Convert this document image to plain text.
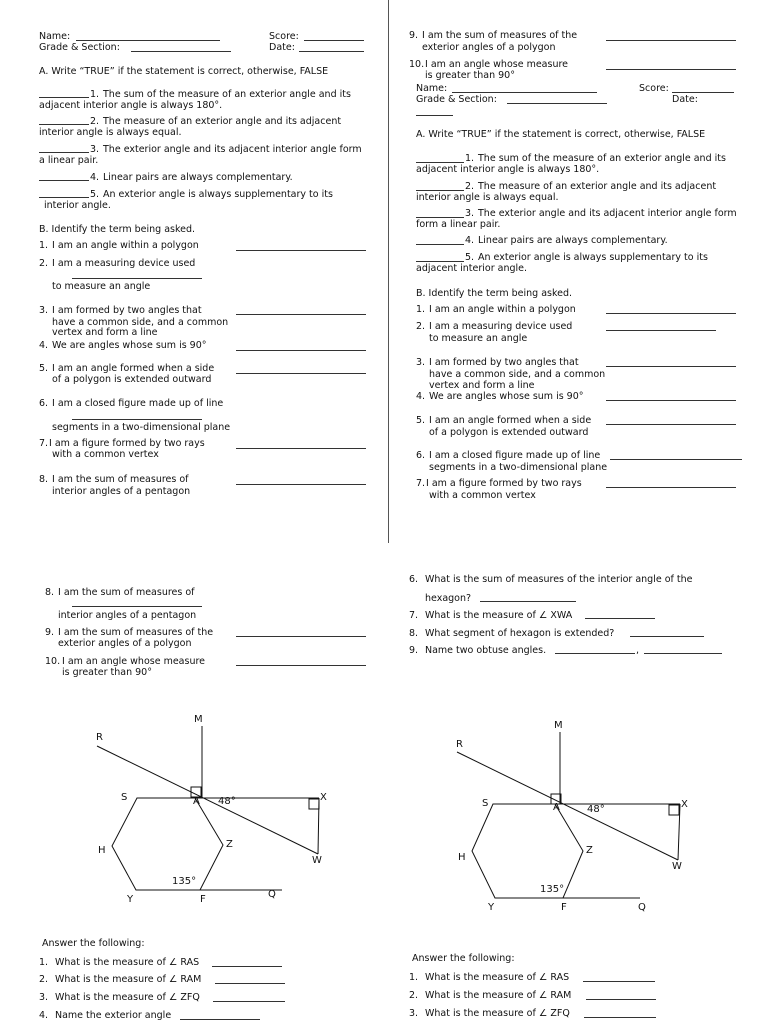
Name:	Score:
Grade & Section:	Date:
A. Write “TRUE” if the statement is correct, otherwise, FALSE
1. The sum of the measure of an exterior angle and its
adjacent interior angle is always 180°.
2. The measure of an exterior angle and its adjacent
interior angle is always equal.
3. The exterior angle and its adjacent interior angle form
a linear pair.
4. Linear pairs are always complementary.
5. An exterior angle is always supplementary to its
interior angle.
B. Identify the term being asked.
1. I am an angle within a polygon
2. I am a measuring device used
to measure an angle
3. I am formed by two angles that
have a common side, and a common
vertex and form a line
4. We are angles whose sum is 90°
5. I am an angle formed when a side
of a polygon is extended outward
6. I am a closed figure made up of line
segments in a two-dimensional plane
7. I am a figure formed by two rays
with a common vertex
8. I am the sum of measures of
interior angles of a pentagon
9. I am the sum of measures of the
exterior angles of a polygon
10. I am an angle whose measure
is greater than 90°
Name:	Score:
Grade & Section:	Date:
A. Write “TRUE” if the statement is correct, otherwise, FALSE
1. The sum of the measure of an exterior angle and its
adjacent interior angle is always 180°.
2. The measure of an exterior angle and its adjacent
interior angle is always equal.
3. The exterior angle and its adjacent interior angle form
form a linear pair.
4. Linear pairs are always complementary.
5. An exterior angle is always supplementary to its
adjacent interior angle.
B. Identify the term being asked.
1. I am an angle within a polygon
2. I am a measuring device used
to measure an angle
3. I am formed by two angles that
have a common side, and a common
vertex and form a line
4. We are angles whose sum is 90°
5. I am an angle formed when a side
of a polygon is extended outward
6. I am a closed figure made up of line
segments in a two-dimensional plane
7. I am a figure formed by two rays
with a common vertex
8. I am the sum of measures of
interior angles of a pentagon
9. I am the sum of measures of the
exterior angles of a polygon
10. I am an angle whose measure
is greater than 90°
6. What is the sum of measures of the interior angle of the
hexagon?
7. What is the measure of ∠ XWA
8. What segment of hexagon is extended?
9. Name two obtuse angles.	,
M
R
S	A 48°	X
H
Z
W
135°
Y	F	Q
M
R
S	A	48°	X
H
Z
W
135°
Y	F	Q
Answer the following:
1. What is the measure of ∠ RAS
2. What is the measure of ∠ RAM
3. What is the measure of ∠ ZFQ
4. Name the exterior angle
Answer the following:
1. What is the measure of ∠ RAS
2. What is the measure of ∠ RAM
3. What is the measure of ∠ ZFQ
